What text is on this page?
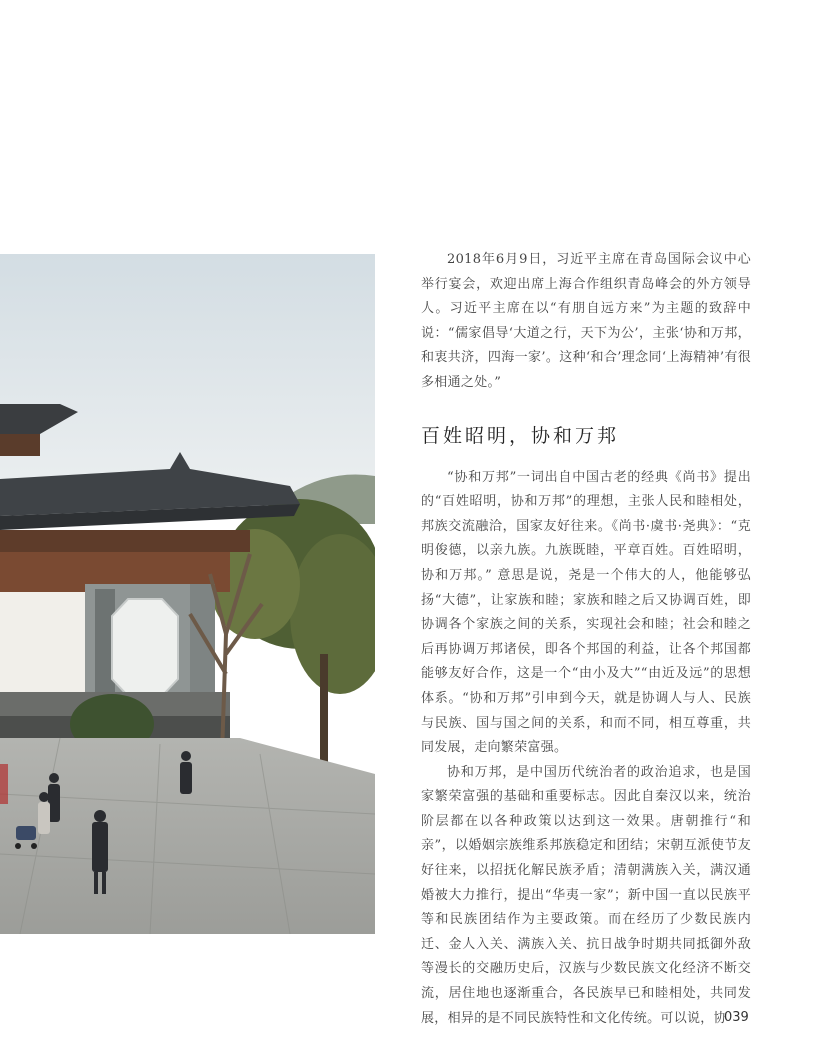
2018年6月9日，习近平主席在青岛国际会议中心举行宴会，欢迎出席上海合作组织青岛峰会的外方领导人。习近平主席在以“有朋自远方来”为主题的致辞中说：“儒家倡导‘大道之行，天下为公’，主张‘协和万邦，和衷共济，四海一家’。这种‘和合’理念同‘上海精神’有很多相通之处。”

百姓昭明，协和万邦

“协和万邦”一词出自中国古老的经典《尚书》提出的“百姓昭明，协和万邦”的理想，主张人民和睦相处，邦族交流融洽，国家友好往来。《尚书·虞书·尧典》：“克明俊德，以亲九族。九族既睦，平章百姓。百姓昭明，协和万邦。” 意思是说，尧是一个伟大的人，他能够弘扬“大德”，让家族和睦；家族和睦之后又协调百姓，即协调各个家族之间的关系，实现社会和睦；社会和睦之后再协调万邦诸侯，即各个邦国的利益，让各个邦国都能够友好合作，这是一个“由小及大”“由近及远”的思想体系。“协和万邦”引申到今天，就是协调人与人、民族与民族、国与国之间的关系，和而不同，相互尊重，共同发展，走向繁荣富强。

协和万邦，是中国历代统治者的政治追求，也是国家繁荣富强的基础和重要标志。因此自秦汉以来，统治阶层都在以各种政策以达到这一效果。唐朝推行“和亲”，以婚姻宗族维系邦族稳定和团结；宋朝互派使节友好往来，以招抚化解民族矛盾；清朝满族入关，满汉通婚被大力推行，提出“华夷一家”；新中国一直以民族平等和民族团结作为主要政策。而在经历了少数民族内迁、金人入关、满族入关、抗日战争时期共同抵御外敌等漫长的交融历史后，汉族与少数民族文化经济不断交流，居住地也逐渐重合，各民族早已和睦相处，共同发展，相异的是不同民族特性和文化传统。可以说，协

039
